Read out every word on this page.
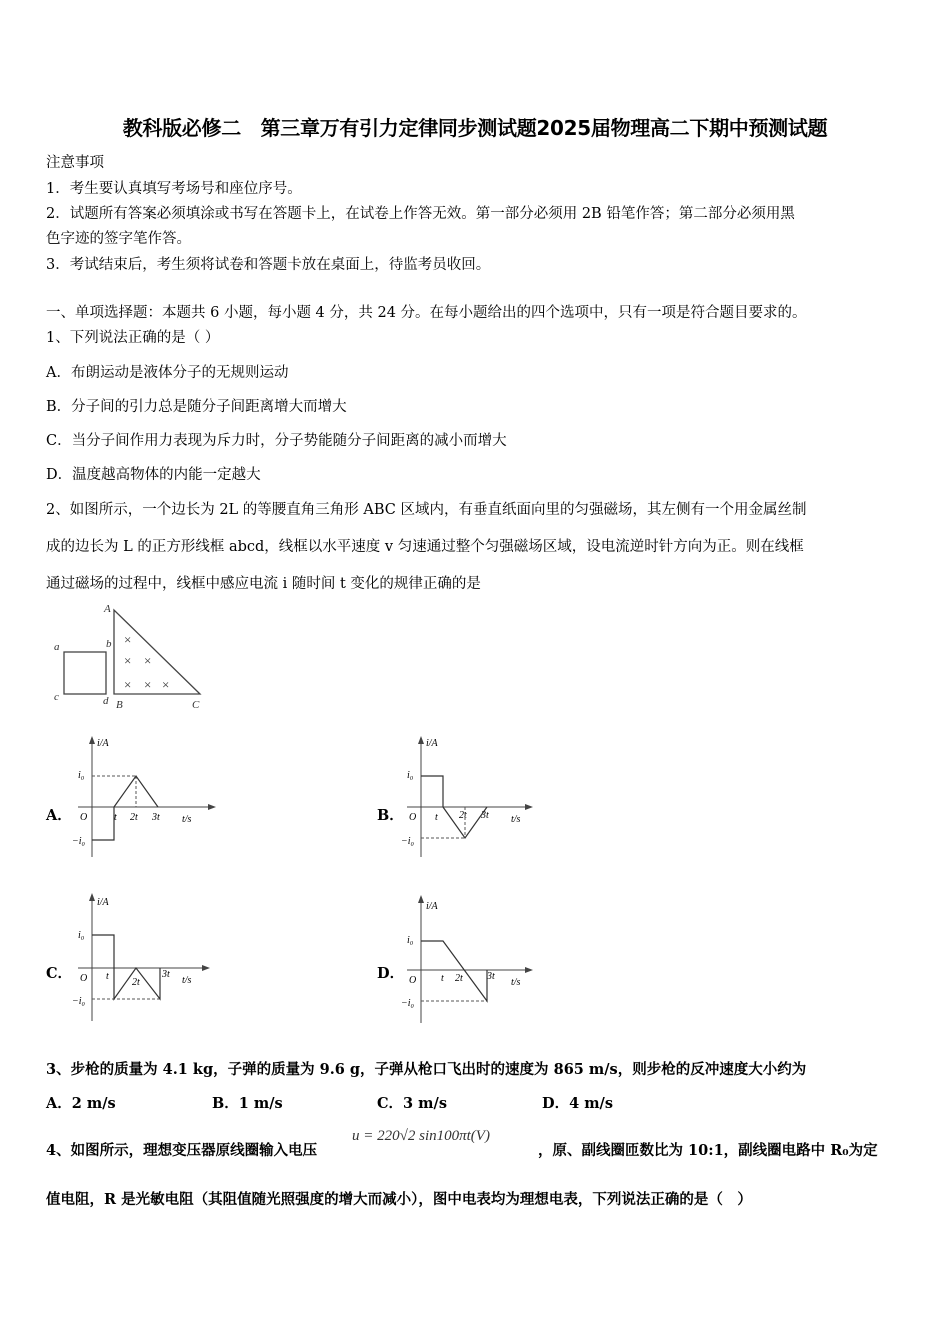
教科版必修二　第三章万有引力定律同步测试题2025届物理高二下期中预测试题
注意事项
1．考生要认真填写考场号和座位序号。
2．试题所有答案必须填涂或书写在答题卡上，在试卷上作答无效。第一部分必须用 2B 铅笔作答；第二部分必须用黑
色字迹的签字笔作答。
3．考试结束后，考生须将试卷和答题卡放在桌面上，待监考员收回。
一、单项选择题：本题共 6 小题，每小题 4 分，共 24 分。在每小题给出的四个选项中，只有一项是符合题目要求的。
1、下列说法正确的是（ ）
A．布朗运动是液体分子的无规则运动
B．分子间的引力总是随分子间距离增大而增大
C．当分子间作用力表现为斥力时，分子势能随分子间距离的减小而增大
D．温度越高物体的内能一定越大
2、如图所示，一个边长为 2L 的等腰直角三角形 ABC 区域内，有垂直纸面向里的匀强磁场，其左侧有一个用金属丝制
成的边长为 L 的正方形线框 abcd，线框以水平速度 v 匀速通过整个匀强磁场区域，设电流逆时针方向为正。则在线框
通过磁场的过程中，线框中感应电流 i 随时间 t 变化的规律正确的是
a	b
c	d
A
B	C
×
× ×
× × ×
A．	B．
C．	D．
i/A
t/s
O
i₀
−i₀
t 2t 3t
i/A
t/s
O
i₀
−i₀
t 2t 3t
i/A
t/s
O
i₀
−i₀
t
2t
3t
i/A
t/s
O
i₀
−i₀
t 2t 3t
3、步枪的质量为 4.1 kg，子弹的质量为 9.6 g，子弹从枪口飞出时的速度为 865 m/s，则步枪的反冲速度大小约为
A．2 m/s	B．1 m/s	C．3 m/s	D．4 m/s
4、如图所示，理想变压器原线圈输入电压
u = 220√2 sin100πt(V)
，原、副线圈匝数比为 10:1，副线圈电路中 R₀为定
值电阻，R 是光敏电阻（其阻值随光照强度的增大而减小），图中电表均为理想电表，下列说法正确的是（　）
